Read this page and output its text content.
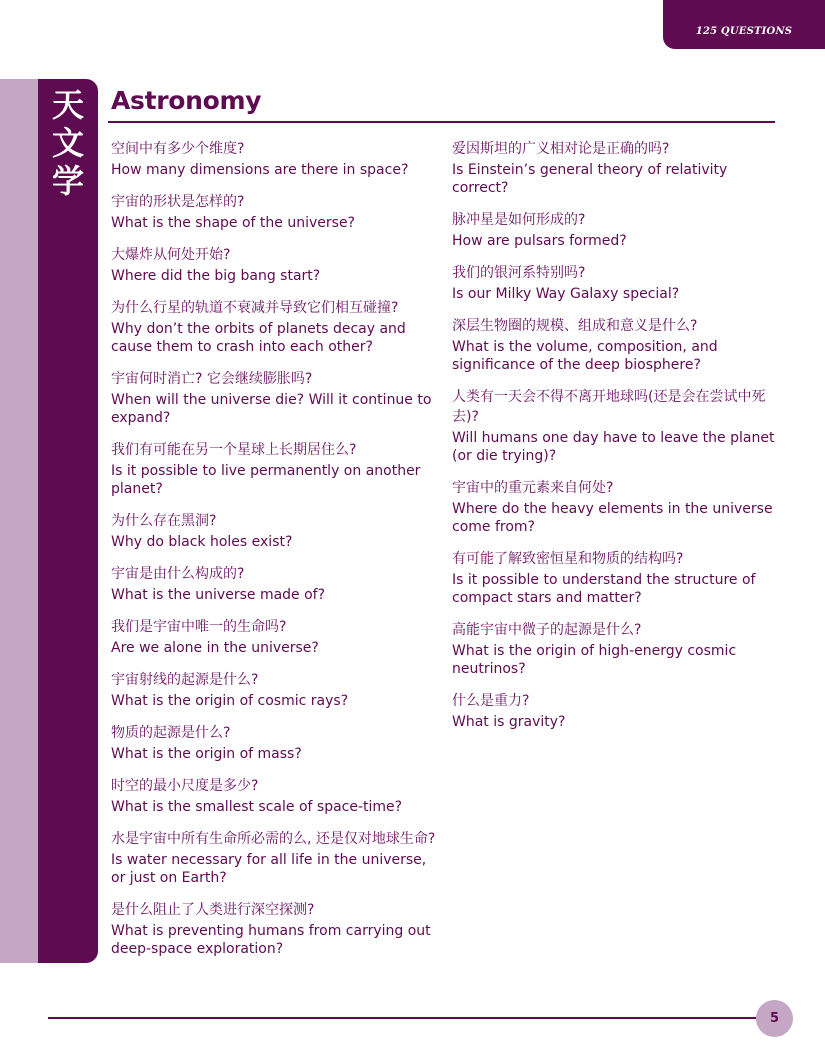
125 QUESTIONS
天
文
学
Astronomy
空间中有多少个维度?
How many dimensions are there in space?
宇宙的形状是怎样的?
What is the shape of the universe?
大爆炸从何处开始?
Where did the big bang start?
为什么行星的轨道不衰减并导致它们相互碰撞?
Why don’t the orbits of planets decay and cause them to crash into each other?
宇宙何时消亡? 它会继续膨胀吗?
When will the universe die? Will it continue to expand?
我们有可能在另一个星球上长期居住么?
Is it possible to live permanently on another planet?
为什么存在黑洞?
Why do black holes exist?
宇宙是由什么构成的?
What is the universe made of?
我们是宇宙中唯一的生命吗?
Are we alone in the universe?
宇宙射线的起源是什么?
What is the origin of cosmic rays?
物质的起源是什么?
What is the origin of mass?
时空的最小尺度是多少?
What is the smallest scale of space-time?
水是宇宙中所有生命所必需的么, 还是仅对地球生命?
Is water necessary for all life in the universe, or just on Earth?
是什么阻止了人类进行深空探测?
What is preventing humans from carrying out deep-space exploration?
爱因斯坦的广义相对论是正确的吗?
Is Einstein’s general theory of relativity correct?
脉冲星是如何形成的?
How are pulsars formed?
我们的银河系特别吗?
Is our Milky Way Galaxy special?
深层生物圈的规模、组成和意义是什么?
What is the volume, composition, and significance of the deep biosphere?
人类有一天会不得不离开地球吗(还是会在尝试中死去)?
Will humans one day have to leave the planet (or die trying)?
宇宙中的重元素来自何处?
Where do the heavy elements in the universe come from?
有可能了解致密恒星和物质的结构吗?
Is it possible to understand the structure of compact stars and matter?
高能宇宙中微子的起源是什么?
What is the origin of high-energy cosmic neutrinos?
什么是重力?
What is gravity?
5
